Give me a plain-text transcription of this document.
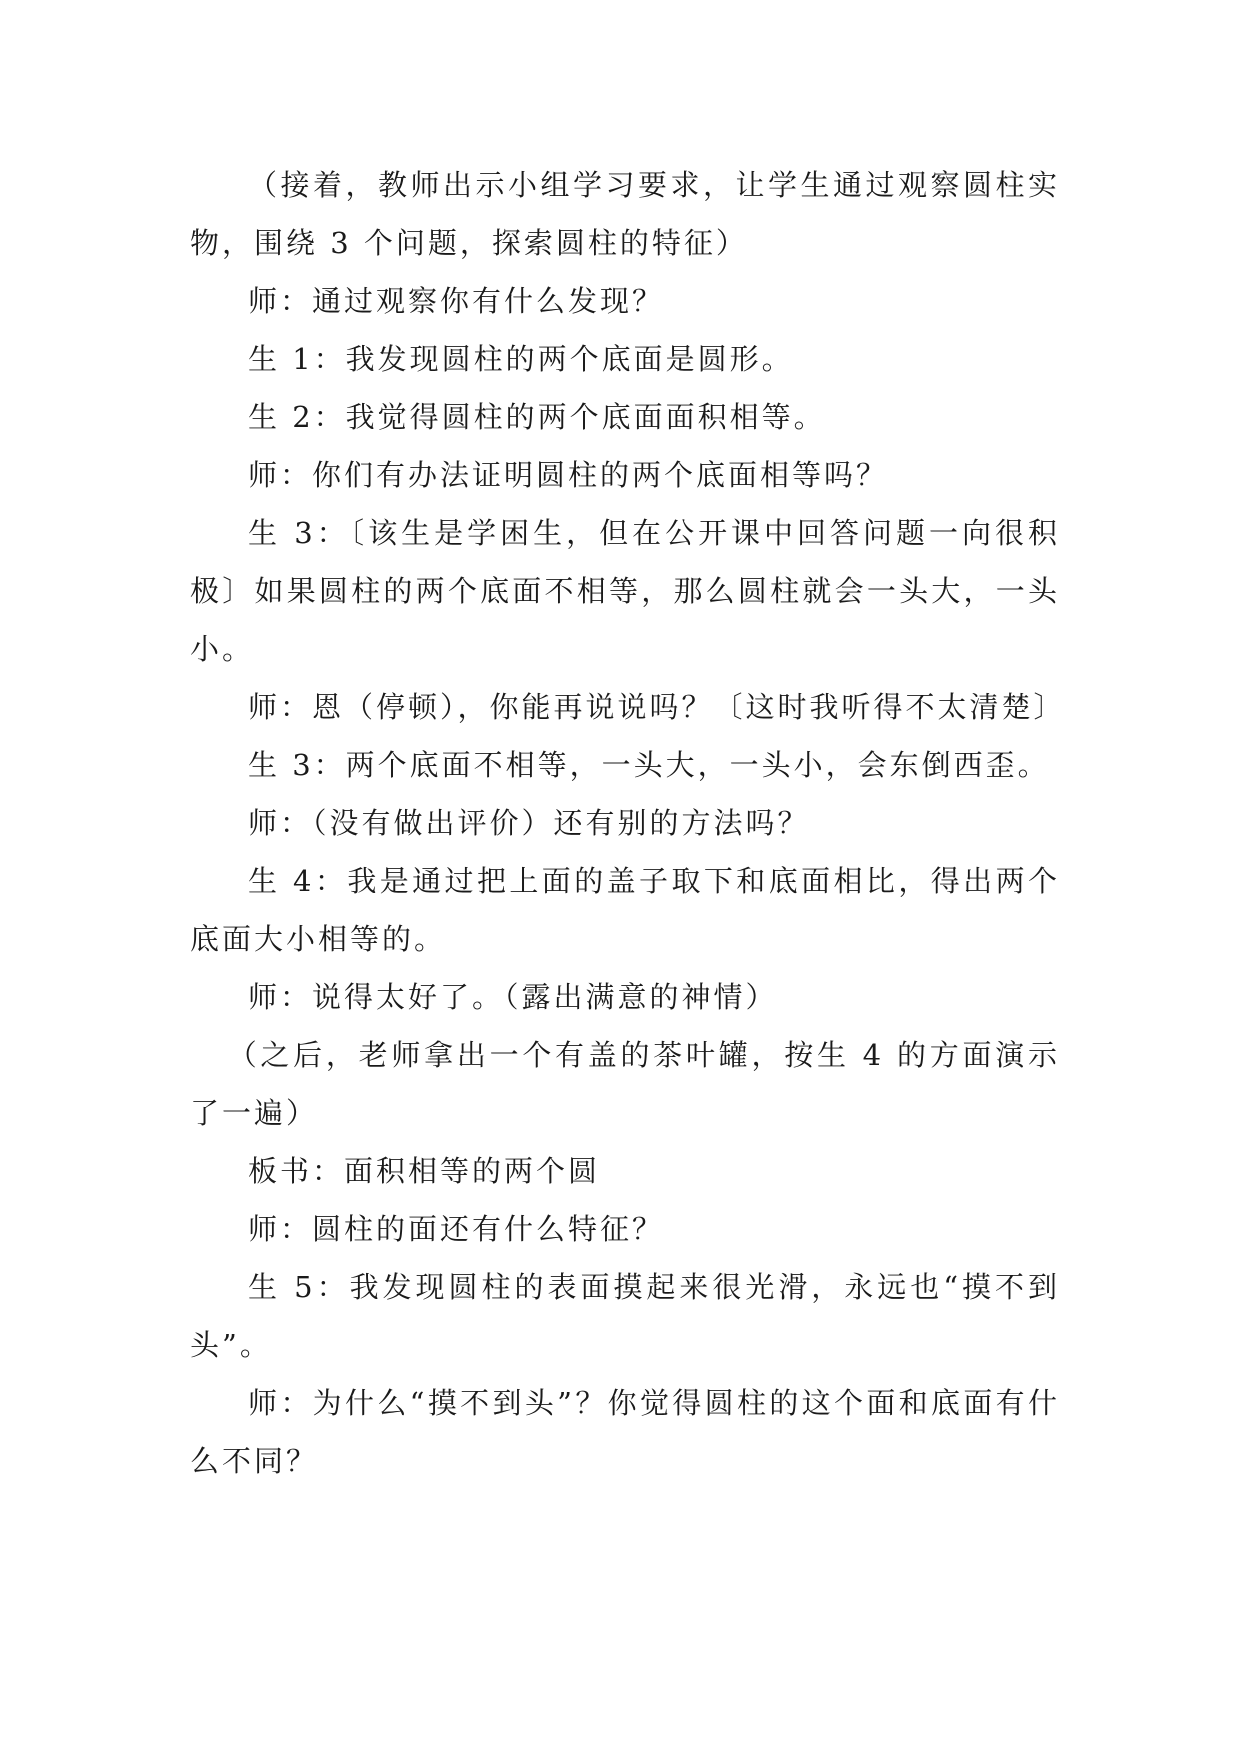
（接着，教师出示小组学习要求，让学生通过观察圆柱实物，围绕 3 个问题，探索圆柱的特征）

师：通过观察你有什么发现？

生 1：我发现圆柱的两个底面是圆形。

生 2：我觉得圆柱的两个底面面积相等。

师：你们有办法证明圆柱的两个底面相等吗？

生 3：〔该生是学困生，但在公开课中回答问题一向很积极〕如果圆柱的两个底面不相等，那么圆柱就会一头大，一头小。

师：恩（停顿），你能再说说吗？〔这时我听得不太清楚〕

生 3：两个底面不相等，一头大，一头小，会东倒西歪。

师：（没有做出评价）还有别的方法吗？

生 4：我是通过把上面的盖子取下和底面相比，得出两个底面大小相等的。

师：说得太好了。（露出满意的神情）

（之后，老师拿出一个有盖的茶叶罐，按生 4 的方面演示了一遍）

板书：面积相等的两个圆

师：圆柱的面还有什么特征？

生 5：我发现圆柱的表面摸起来很光滑，永远也“摸不到头”。

师：为什么“摸不到头”？你觉得圆柱的这个面和底面有什么不同？
